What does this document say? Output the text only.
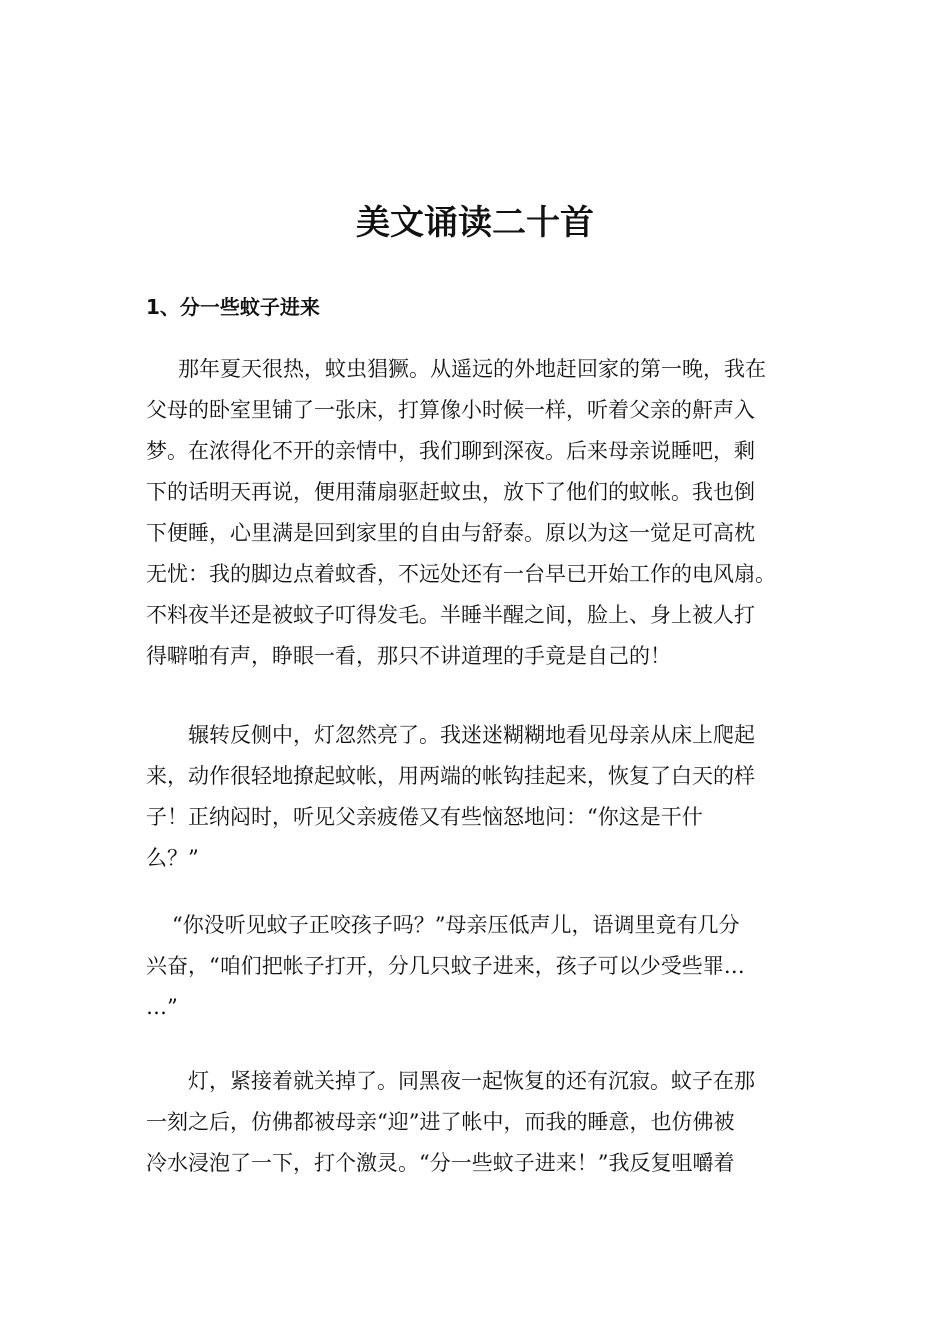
美文诵读二十首
1、分一些蚊子进来

那年夏天很热，蚊虫猖獗。从遥远的外地赶回家的第一晚，我在
父母的卧室里铺了一张床，打算像小时候一样，听着父亲的鼾声入
梦。在浓得化不开的亲情中，我们聊到深夜。后来母亲说睡吧，剩
下的话明天再说，便用蒲扇驱赶蚊虫，放下了他们的蚊帐。我也倒
下便睡，心里满是回到家里的自由与舒泰。原以为这一觉足可高枕
无忧：我的脚边点着蚊香，不远处还有一台早已开始工作的电风扇。
不料夜半还是被蚊子叮得发毛。半睡半醒之间，脸上、身上被人打
得噼啪有声，睁眼一看，那只不讲道理的手竟是自己的！

辗转反侧中，灯忽然亮了。我迷迷糊糊地看见母亲从床上爬起
来，动作很轻地撩起蚊帐，用两端的帐钩挂起来，恢复了白天的样
子！正纳闷时，听见父亲疲倦又有些恼怒地问：“你这是干什
么？”

“你没听见蚊子正咬孩子吗？”母亲压低声儿，语调里竟有几分
兴奋，“咱们把帐子打开，分几只蚊子进来，孩子可以少受些罪…
…”

灯，紧接着就关掉了。同黑夜一起恢复的还有沉寂。蚊子在那
一刻之后，仿佛都被母亲“迎”进了帐中，而我的睡意，也仿佛被
冷水浸泡了一下，打个激灵。“分一些蚊子进来！”我反复咀嚼着
